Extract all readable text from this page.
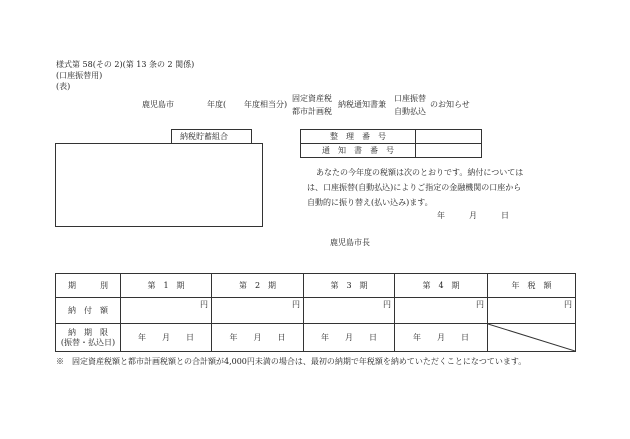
様式第 58(その 2)(第 13 条の 2 関係)
(口座振替用)
(表)
鹿児島市	年度( 年度相当分)
固定資産税
都市計画税
納税通知書兼
口座振替
自動払込
のお知らせ
納税貯蓄組合	整　理　番　号	
通　知　書　番　号	
あなたの今年度の税額は次のとおりです。納付については
は、口座振替(自動払込)によりご指定の金融機関の口座から
自動的に振り替え(払い込み)ます。
年　　　月　　　日
鹿児島市長
期　　　別	第　1　期	第　2　期	第　3　期	第　4　期	年　税　額
納　付　額	円	円	円	円	円

納　期　限
(振替・払込日)	年　　月　　日	年　　月　　日	年　　月　　日	年　　月　　日	
※　固定資産税額と都市計画税額との合計額が4,000円未満の場合は、最初の納期で年税額を納めていただくことになつています。
